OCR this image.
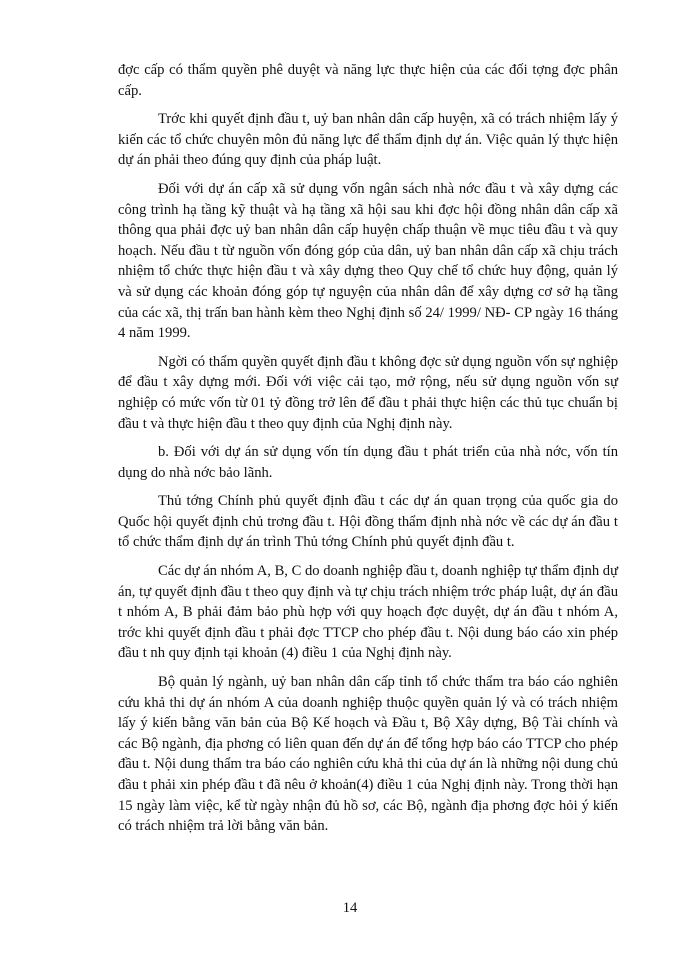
đợc cấp có thẩm quyền phê duyệt và năng lực thực hiện của các đối tợng đợc phân cấp.

Trớc khi quyết định đầu t, uỷ ban nhân dân cấp huyện, xã có trách nhiệm lấy ý kiến các tổ chức chuyên môn đủ năng lực để thẩm định dự án. Việc quản lý thực hiện dự án phải theo đúng quy định của pháp luật.

Đối với dự án cấp xã sử dụng vốn ngân sách nhà nớc đầu t và xây dựng các công trình hạ tầng kỹ thuật và hạ tầng xã hội sau khi đợc hội đồng nhân dân cấp xã thông qua phải đợc uỷ ban nhân dân cấp huyện chấp thuận về mục tiêu đầu t và quy hoạch. Nếu đầu t từ nguồn vốn đóng góp của dân, uỷ ban nhân dân cấp xã chịu trách nhiệm tổ chức thực hiện đầu t và xây dựng theo Quy chế tổ chức huy động, quản lý và sử dụng các khoản đóng góp tự nguyện của nhân dân để xây dựng cơ sở hạ tầng của các xã, thị trấn ban hành kèm theo Nghị định số 24/ 1999/ NĐ- CP ngày 16 tháng 4 năm 1999.

Ngời có thẩm quyền quyết định đầu t không đợc sử dụng nguồn vốn sự nghiệp để đầu t xây dựng mới. Đối với việc cải tạo, mở rộng, nếu sử dụng nguồn vốn sự nghiệp có mức vốn từ 01 tỷ đồng trở lên để đầu t phải thực hiện các thủ tục chuẩn bị đầu t và thực hiện đầu t theo quy định của Nghị định này.

b. Đối với dự án sử dụng vốn tín dụng đầu t phát triển của nhà nớc, vốn tín dụng do nhà nớc bảo lãnh.

Thủ tớng Chính phủ quyết định đầu t các dự án quan trọng của quốc gia do Quốc hội quyết định chủ trơng đầu t. Hội đồng thẩm định nhà nớc về các dự án đầu t tổ chức thẩm định dự án trình Thủ tớng Chính phủ quyết định đầu t.

Các dự án nhóm A, B, C do doanh nghiệp đầu t, doanh nghiệp tự thẩm định dự án, tự quyết định đầu t theo quy định và tự chịu trách nhiệm trớc pháp luật, dự án đầu t nhóm A, B phải đảm bảo phù hợp với quy hoạch đợc duyệt, dự án đầu t nhóm A, trớc khi quyết định đầu t phải đợc TTCP cho phép đầu t. Nội dung báo cáo xin phép đầu t nh quy định tại khoản (4) điều 1 của Nghị định này.

Bộ quản lý ngành, uỷ ban nhân dân cấp tỉnh tổ chức thẩm tra báo cáo nghiên cứu khả thi dự án nhóm A của doanh nghiệp thuộc quyền quản lý và có trách nhiệm lấy ý kiến bằng văn bản của Bộ Kế hoạch và Đầu t, Bộ Xây dựng, Bộ Tài chính và các Bộ ngành, địa phơng có liên quan đến dự án để tổng hợp báo cáo TTCP cho phép đầu t. Nội dung thẩm tra báo cáo nghiên cứu khả thi của dự án là những nội dung chủ đầu t phải xin phép đầu t đã nêu ở khoản(4) điều 1 của Nghị định này. Trong thời hạn 15 ngày làm việc, kể từ ngày nhận đủ hồ sơ, các Bộ, ngành địa phơng đợc hỏi ý kiến có trách nhiệm trả lời bằng văn bản.

14
